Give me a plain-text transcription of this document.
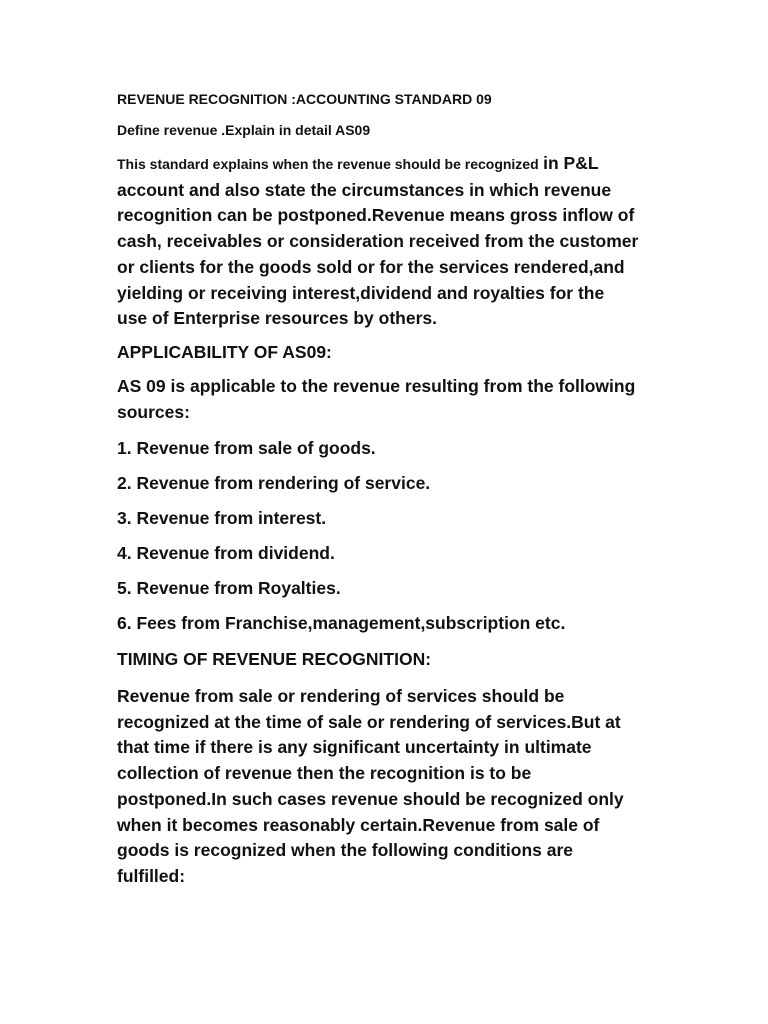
REVENUE RECOGNITION :ACCOUNTING STANDARD 09

Define revenue .Explain in detail AS09

This standard explains when the revenue should be recognized in P&L
account and also state the circumstances in which revenue
recognition can be postponed.Revenue means gross inflow of
cash, receivables or consideration received from the customer
or clients for the goods sold or for the services rendered,and
yielding or receiving interest,dividend and royalties for the
use of Enterprise resources by others.

APPLICABILITY OF AS09:

AS 09 is applicable to the revenue resulting from the following
sources:

1. Revenue from sale of goods.

2. Revenue from rendering of service.

3. Revenue from interest.

4. Revenue from dividend.

5. Revenue from Royalties.

6. Fees from Franchise,management,subscription etc.

TIMING OF REVENUE RECOGNITION:

Revenue from sale or rendering of services should be
recognized at the time of sale or rendering of services.But at
that time if there is any significant uncertainty in ultimate
collection of revenue then the recognition is to be
postponed.In such cases revenue should be recognized only
when it becomes reasonably certain.Revenue from sale of
goods is recognized when the following conditions are
fulfilled:
